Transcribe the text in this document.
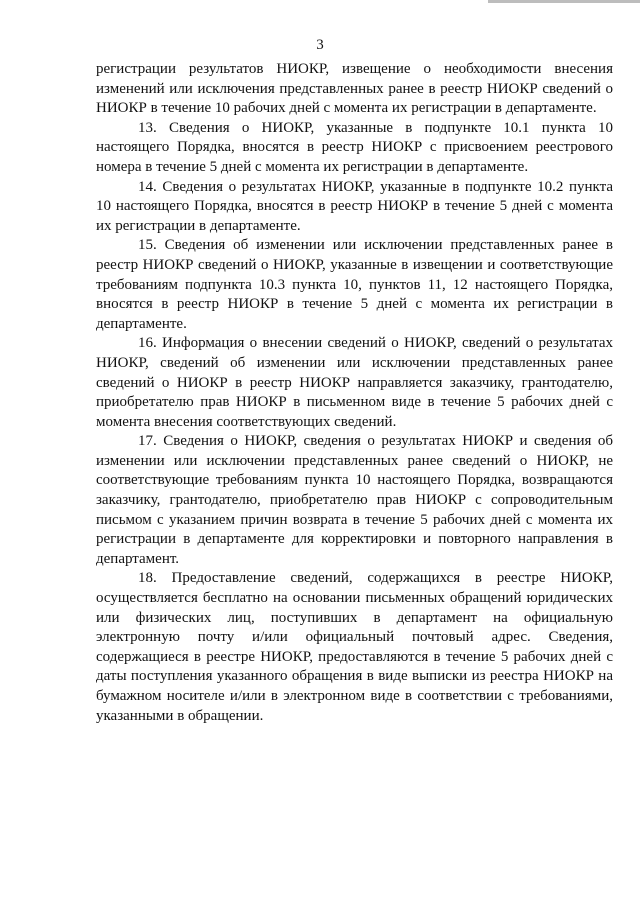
3

регистрации результатов НИОКР, извещение о необходимости внесения изменений или исключения представленных ранее в реестр НИОКР сведений о НИОКР в течение 10 рабочих дней с момента их регистрации в департаменте.

13. Сведения о НИОКР, указанные в подпункте 10.1 пункта 10 настоящего Порядка, вносятся в реестр НИОКР с присвоением реестрового номера в течение 5 дней с момента их регистрации в департаменте.

14. Сведения о результатах НИОКР, указанные в подпункте 10.2 пункта 10 настоящего Порядка, вносятся в реестр НИОКР в течение 5 дней с момента их регистрации в департаменте.

15. Сведения об изменении или исключении представленных ранее в реестр НИОКР сведений о НИОКР, указанные в извещении и соответствующие требованиям подпункта 10.3 пункта 10, пунктов 11, 12 настоящего Порядка, вносятся в реестр НИОКР в течение 5 дней с момента их регистрации в департаменте.

16. Информация о внесении сведений о НИОКР, сведений о результатах НИОКР, сведений об изменении или исключении представленных ранее сведений о НИОКР в реестр НИОКР направляется заказчику, грантодателю, приобретателю прав НИОКР в письменном виде в течение 5 рабочих дней с момента внесения соответствующих сведений.

17. Сведения о НИОКР, сведения о результатах НИОКР и сведения об изменении или исключении представленных ранее сведений о НИОКР, не соответствующие требованиям пункта 10 настоящего Порядка, возвращаются заказчику, грантодателю, приобретателю прав НИОКР с сопроводительным письмом с указанием причин возврата в течение 5 рабочих дней с момента их регистрации в департаменте для корректировки и повторного направления в департамент.

18. Предоставление сведений, содержащихся в реестре НИОКР, осуществляется бесплатно на основании письменных обращений юридических или физических лиц, поступивших в департамент на официальную электронную почту и/или официальный почтовый адрес. Сведения, содержащиеся в реестре НИОКР, предоставляются в течение 5 рабочих дней с даты поступления указанного обращения в виде выписки из реестра НИОКР на бумажном носителе и/или в электронном виде в соответствии с требованиями, указанными в обращении.
